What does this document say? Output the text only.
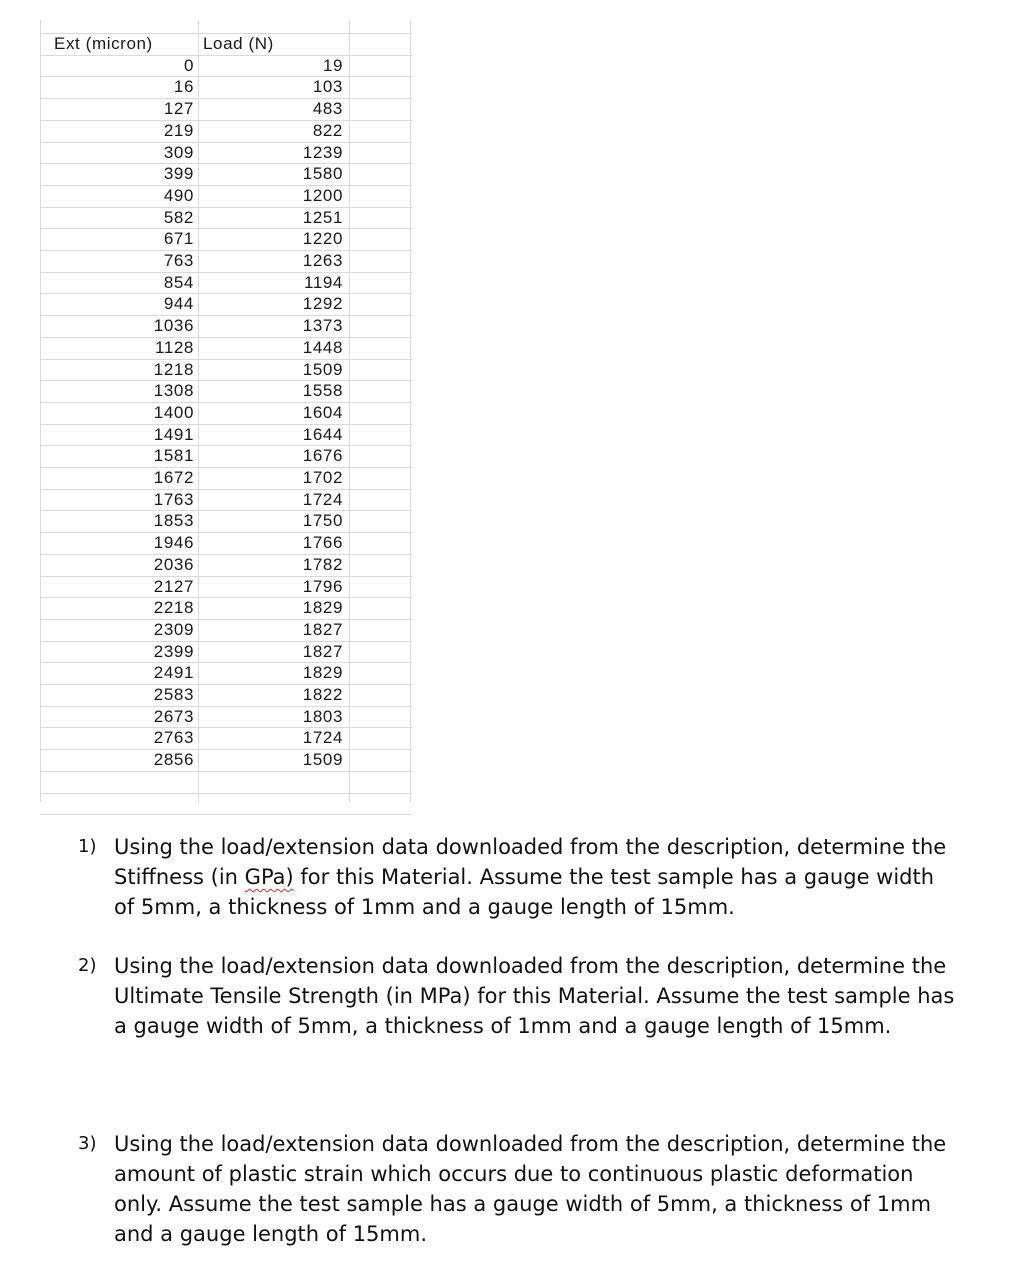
Ext (micron)	Load (N)
0	19
16	103
127	483
219	822
309	1239
399	1580
490	1200
582	1251
671	1220
763	1263
854	1194
944	1292
1036	1373
1128	1448
1218	1509
1308	1558
1400	1604
1491	1644
1581	1676
1672	1702
1763	1724
1853	1750
1946	1766
2036	1782
2127	1796
2218	1829
2309	1827
2399	1827
2491	1829
2583	1822
2673	1803
2763	1724
2856	1509
1) Using the load/extension data downloaded from the description, determine the Stiffness (in GPa) for this Material. Assume the test sample has a gauge width of 5mm, a thickness of 1mm and a gauge length of 15mm.
2) Using the load/extension data downloaded from the description, determine the Ultimate Tensile Strength (in MPa) for this Material. Assume the test sample has a gauge width of 5mm, a thickness of 1mm and a gauge length of 15mm.
3) Using the load/extension data downloaded from the description, determine the amount of plastic strain which occurs due to continuous plastic deformation only. Assume the test sample has a gauge width of 5mm, a thickness of 1mm and a gauge length of 15mm.
